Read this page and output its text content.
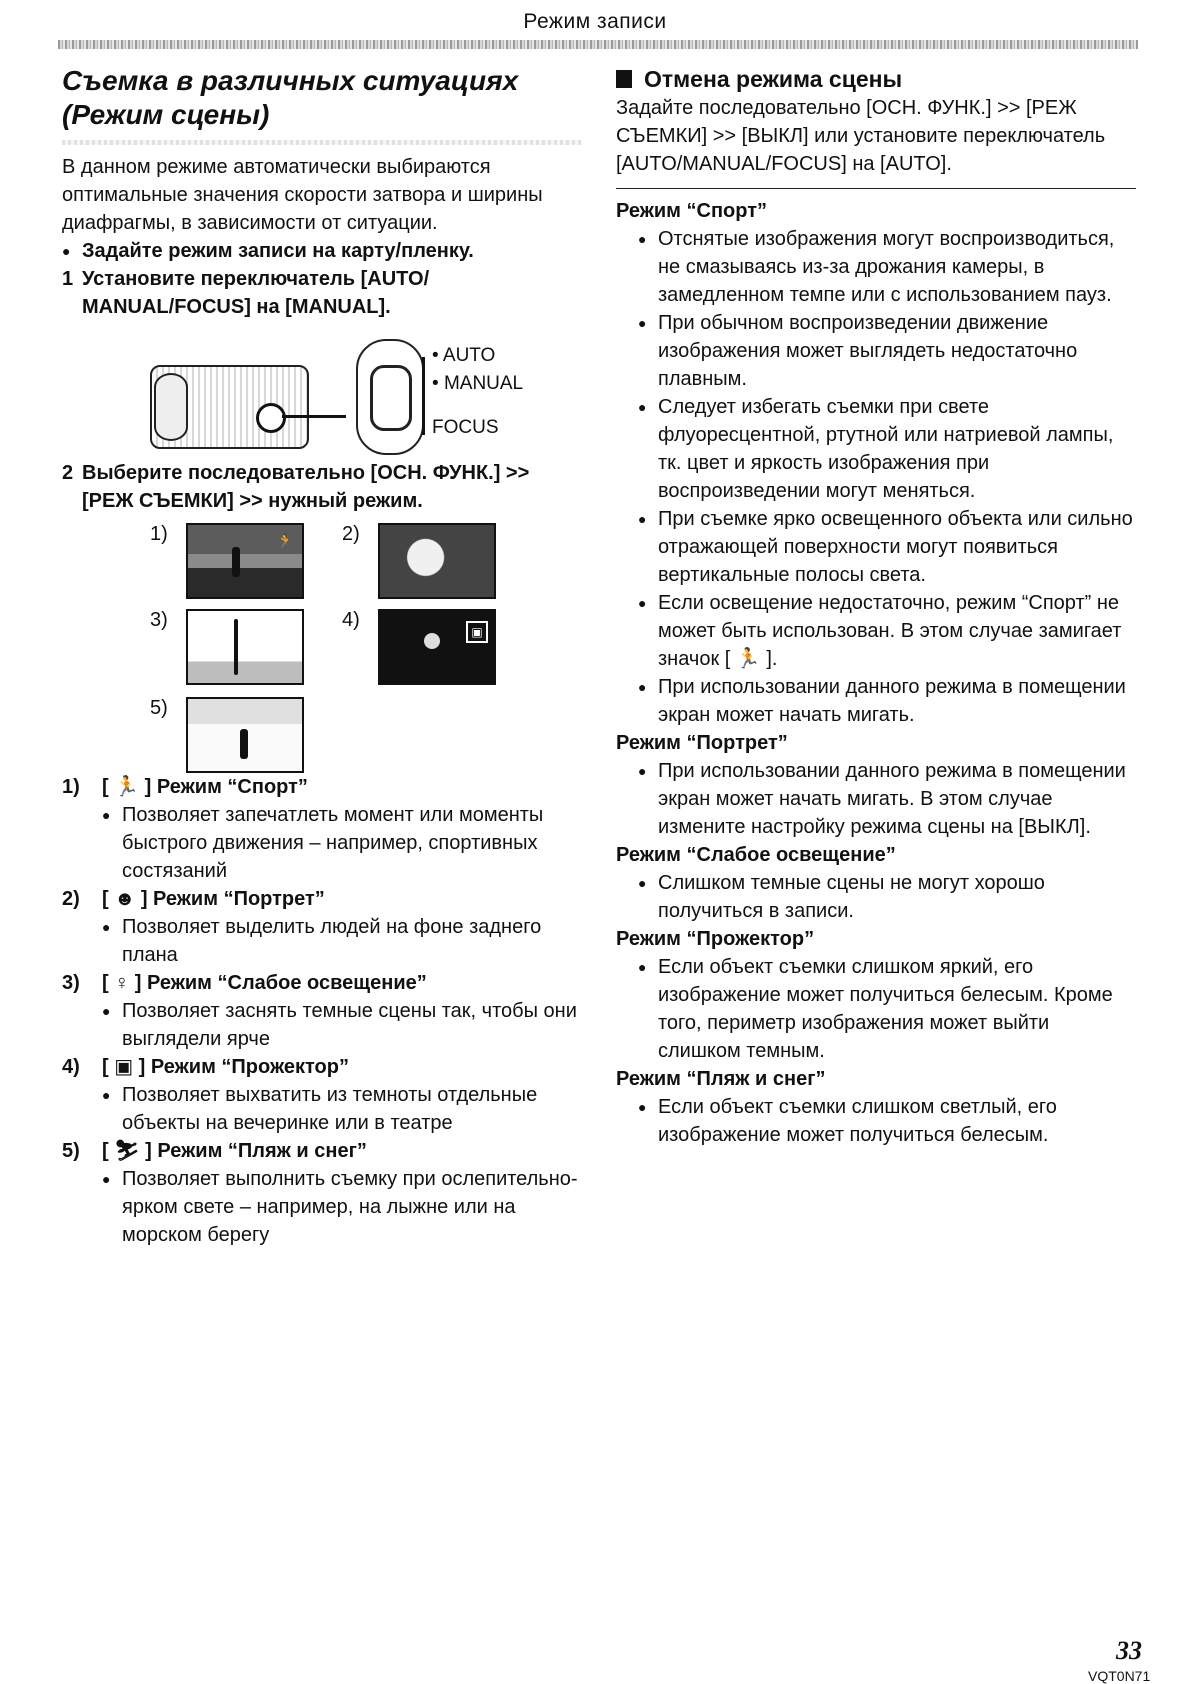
Режим записи
Съемка в различных ситуациях
(Режим сцены)

В данном режиме автоматически выбираются оптимальные значения скорости затвора и ширины диафрагмы, в зависимости от ситуации.

● Задайте режим записи на карту/пленку.

1 Установите переключатель [AUTO/ MANUAL/FOCUS] на [MANUAL].

• AUTO
• MANUAL
FOCUS

2 Выберите последовательно [ОСН. ФУНК.] >> [РЕЖ СЪЕМКИ] >> нужный режим.

1)	🏃 2)
3)	4)
▣
5)
1) [ 🏃 ] Режим “Спорт”

● Позволяет запечатлеть момент или моменты быстрого движения – например, спортивных состязаний

2) [ ☻ ] Режим “Портрет”

● Позволяет выделить людей на фоне заднего плана

3) [ ♀ ] Режим “Слабое освещение”

● Позволяет заснять темные сцены так, чтобы они выглядели ярче

4) [ ▣ ] Режим “Прожектор”

● Позволяет выхватить из темноты отдельные объекты на вечеринке или в театре

5) [ ⛷ ] Режим “Пляж и снег”

● Позволяет выполнить съемку при ослепительно-ярком свете – например, на лыжне или на морском берегу

Отмена режима сцены

Задайте последовательно [ОСН. ФУНК.] >> [РЕЖ СЪЕМКИ] >> [ВЫКЛ] или установите переключатель [AUTO/MANUAL/FOCUS] на [AUTO].

Режим “Спорт”

● Отснятые изображения могут воспроизводиться, не смазываясь из-за дрожания камеры, в замедленном темпе или с использованием пауз.

● При обычном воспроизведении движение изображения может выглядеть недостаточно плавным.

● Следует избегать съемки при свете флуоресцентной, ртутной или натриевой лампы, тк. цвет и яркость изображения при воспроизведении могут меняться.

● При съемке ярко освещенного объекта или сильно отражающей поверхности могут появиться вертикальные полосы света.

● Если освещение недостаточно, режим “Спорт” не может быть использован. В этом случае замигает значок [ 🏃 ].

● При использовании данного режима в помещении экран может начать мигать.

Режим “Портрет”

● При использовании данного режима в помещении экран может начать мигать. В этом случае измените настройку режима сцены на [ВЫКЛ].

Режим “Слабое освещение”

● Слишком темные сцены не могут хорошо получиться в записи.

Режим “Прожектор”

● Если объект съемки слишком яркий, его изображение может получиться белесым. Кроме того, периметр изображения может выйти слишком темным.

Режим “Пляж и снег”

● Если объект съемки слишком светлый, его изображение может получиться белесым.

33
VQT0N71
